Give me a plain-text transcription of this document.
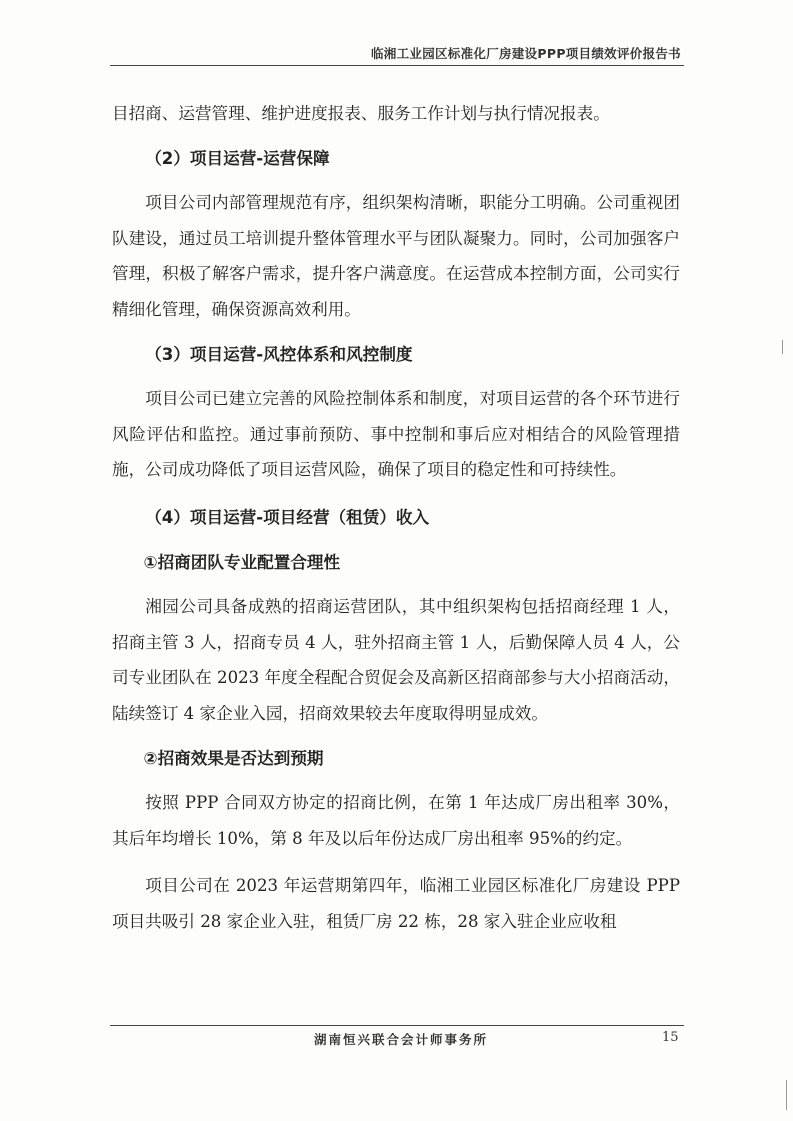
临湘工业园区标准化厂房建设PPP项目绩效评价报告书

目招商、运营管理、维护进度报表、服务工作计划与执行情况报表。

（2）项目运营-运营保障

项目公司内部管理规范有序，组织架构清晰，职能分工明确。公司重视团队建设，通过员工培训提升整体管理水平与团队凝聚力。同时，公司加强客户管理，积极了解客户需求，提升客户满意度。在运营成本控制方面，公司实行精细化管理，确保资源高效利用。

（3）项目运营-风控体系和风控制度

项目公司已建立完善的风险控制体系和制度，对项目运营的各个环节进行风险评估和监控。通过事前预防、事中控制和事后应对相结合的风险管理措施，公司成功降低了项目运营风险，确保了项目的稳定性和可持续性。

（4）项目运营-项目经营（租赁）收入

①招商团队专业配置合理性

湘园公司具备成熟的招商运营团队，其中组织架构包括招商经理 1 人，招商主管 3 人，招商专员 4 人，驻外招商主管 1 人，后勤保障人员 4 人，公司专业团队在 2023 年度全程配合贸促会及高新区招商部参与大小招商活动，陆续签订 4 家企业入园，招商效果较去年度取得明显成效。

②招商效果是否达到预期

按照 PPP 合同双方协定的招商比例，在第 1 年达成厂房出租率 30%，其后年均增长 10%，第 8 年及以后年份达成厂房出租率 95%的约定。

项目公司在 2023 年运营期第四年，临湘工业园区标准化厂房建设 PPP 项目共吸引 28 家企业入驻，租赁厂房 22 栋，28 家入驻企业应收租

湖南恒兴联合会计师事务所	15
